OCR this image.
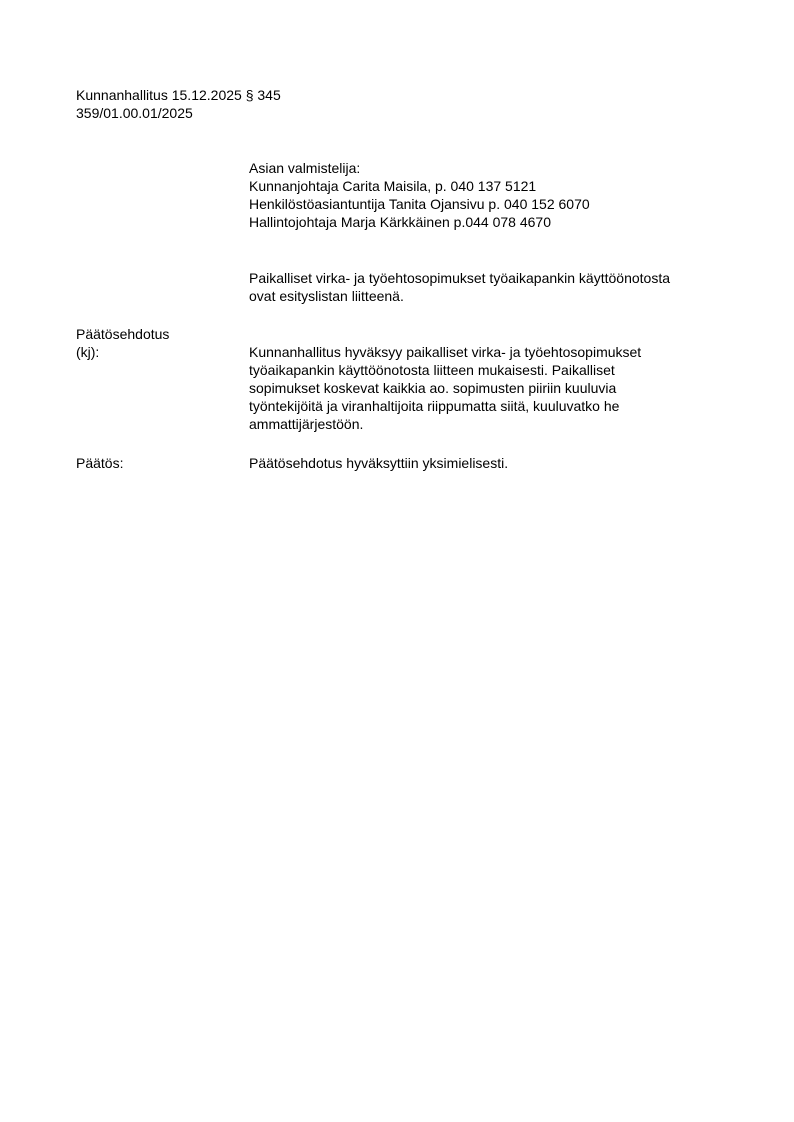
Kunnanhallitus 15.12.2025 § 345
359/01.00.01/2025
Asian valmistelija:
Kunnanjohtaja Carita Maisila, p. 040 137 5121
Henkilöstöasiantuntija Tanita Ojansivu p. 040 152 6070
Hallintojohtaja Marja Kärkkäinen p.044 078 4670
Paikalliset virka- ja työehtosopimukset työaikapankin käyttöönotosta
ovat esityslistan liitteenä.
Päätösehdotus
(kj):	Kunnanhallitus hyväksyy paikalliset virka- ja työehtosopimukset
työaikapankin käyttöönotosta liitteen mukaisesti. Paikalliset
sopimukset koskevat kaikkia ao. sopimusten piiriin kuuluvia
työntekijöitä ja viranhaltijoita riippumatta siitä, kuuluvatko he
ammattijärjestöön.
Päätös:	Päätösehdotus hyväksyttiin yksimielisesti.
